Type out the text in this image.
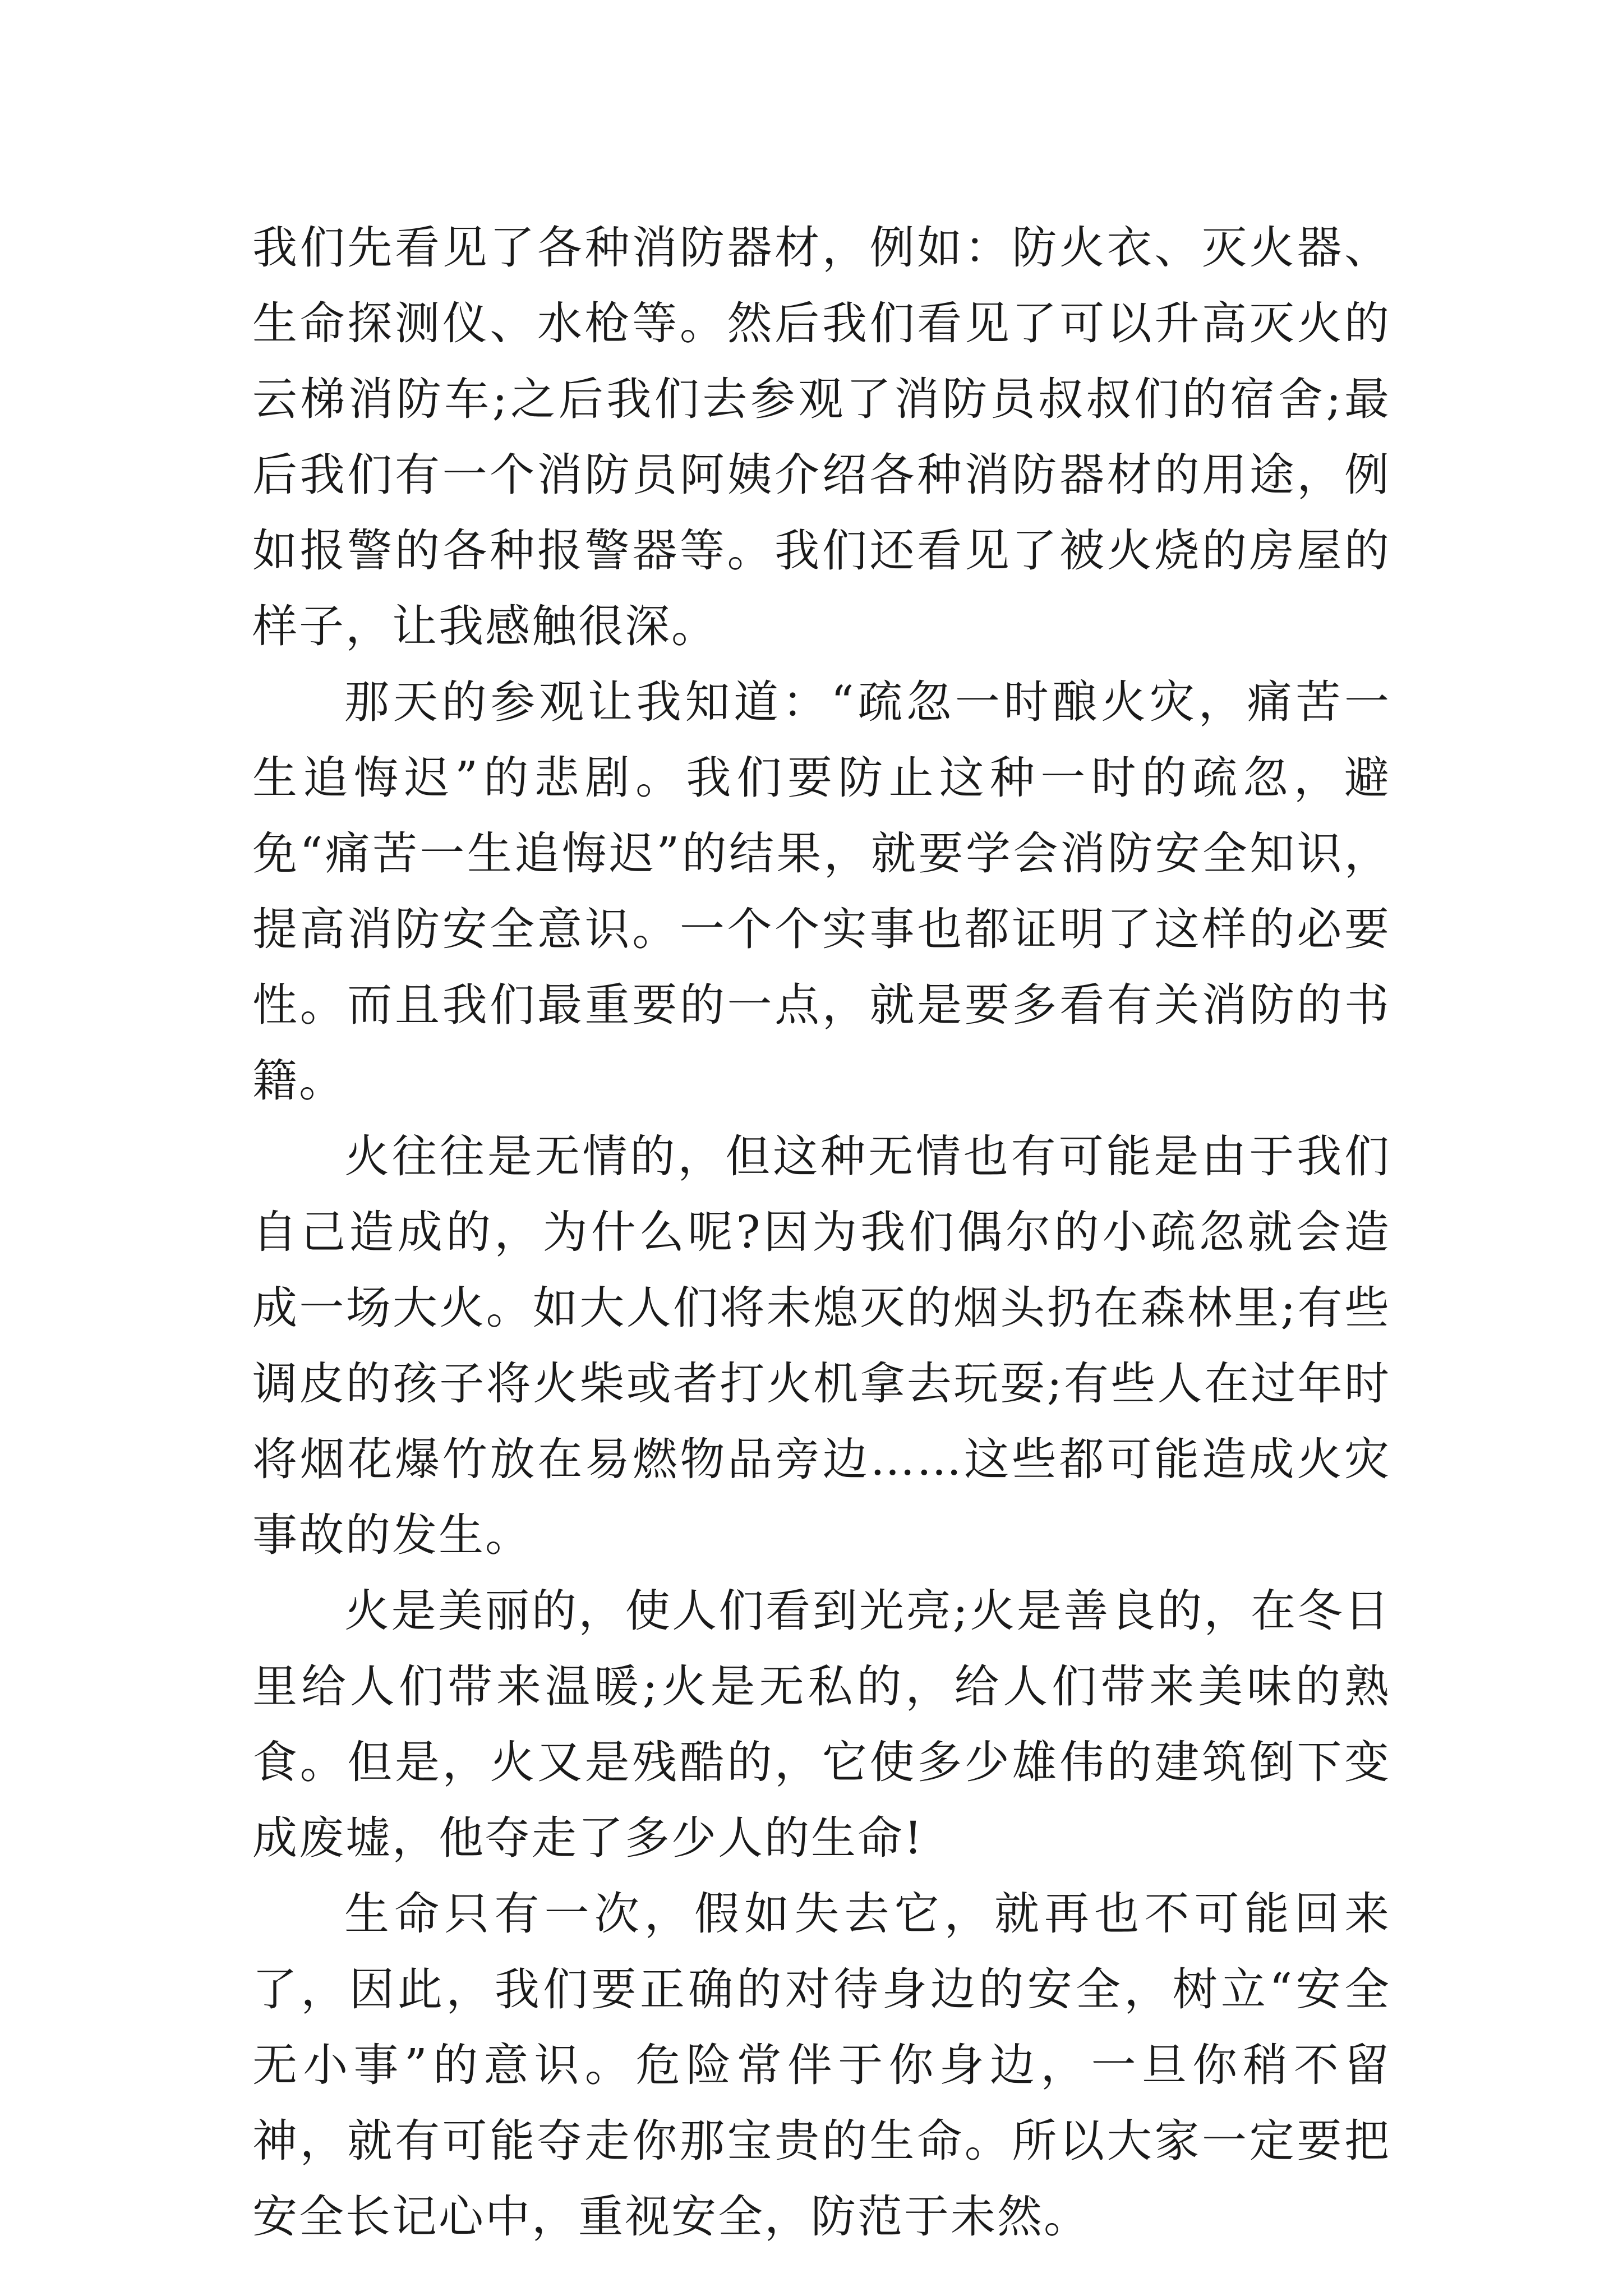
我们先看见了各种消防器材，例如：防火衣、灭火器、生命探测仪、水枪等。然后我们看见了可以升高灭火的云梯消防车;之后我们去参观了消防员叔叔们的宿舍;最后我们有一个消防员阿姨介绍各种消防器材的用途，例如报警的各种报警器等。我们还看见了被火烧的房屋的样子，让我感触很深。

那天的参观让我知道：“疏忽一时酿火灾，痛苦一生追悔迟”的悲剧。我们要防止这种一时的疏忽，避免“痛苦一生追悔迟”的结果，就要学会消防安全知识，提高消防安全意识。一个个实事也都证明了这样的必要性。而且我们最重要的一点，就是要多看有关消防的书籍。

火往往是无情的，但这种无情也有可能是由于我们自己造成的，为什么呢?因为我们偶尔的小疏忽就会造成一场大火。如大人们将未熄灭的烟头扔在森林里;有些调皮的孩子将火柴或者打火机拿去玩耍;有些人在过年时将烟花爆竹放在易燃物品旁边……这些都可能造成火灾事故的发生。

火是美丽的，使人们看到光亮;火是善良的，在冬日里给人们带来温暖;火是无私的，给人们带来美味的熟食。但是，火又是残酷的，它使多少雄伟的建筑倒下变成废墟，他夺走了多少人的生命!

生命只有一次，假如失去它，就再也不可能回来了，因此，我们要正确的对待身边的安全，树立“安全无小事”的意识。危险常伴于你身边，一旦你稍不留神，就有可能夺走你那宝贵的生命。所以大家一定要把安全长记心中，重视安全，防范于未然。
